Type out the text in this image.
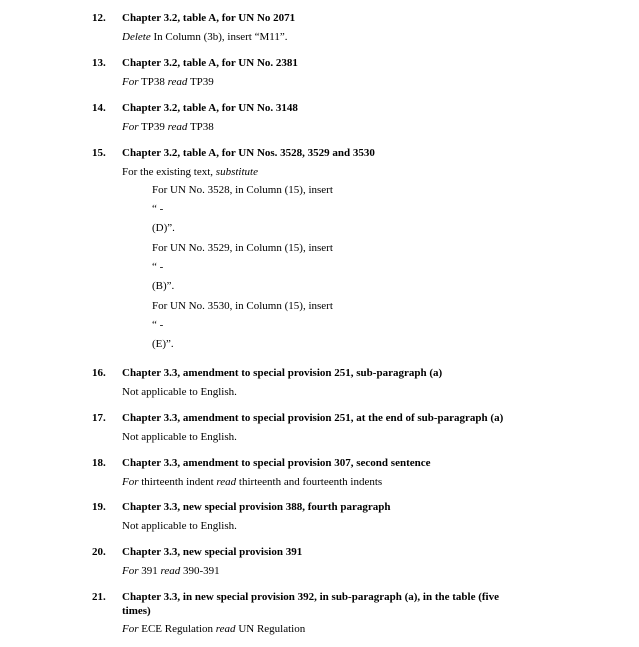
12. Chapter 3.2, table A, for UN No 2071
Delete In Column (3b), insert “M11”.
13. Chapter 3.2, table A, for UN No. 2381
For TP38 read TP39
14. Chapter 3.2, table A, for UN No. 3148
For TP39 read TP38
15. Chapter 3.2, table A, for UN Nos. 3528, 3529 and 3530
For the existing text, substitute
For UN No. 3528, in Column (15), insert
“ -
(D)”.
For UN No. 3529, in Column (15), insert
“ -
(B)”.
For UN No. 3530, in Column (15), insert
“ -
(E)”.
16. Chapter 3.3, amendment to special provision 251, sub-paragraph (a)
Not applicable to English.
17. Chapter 3.3, amendment to special provision 251, at the end of sub-paragraph (a)
Not applicable to English.
18. Chapter 3.3, amendment to special provision 307, second sentence
For thirteenth indent read thirteenth and fourteenth indents
19. Chapter 3.3, new special provision 388, fourth paragraph
Not applicable to English.
20. Chapter 3.3, new special provision 391
For 391 read 390-391
21. Chapter 3.3, in new special provision 392, in sub-paragraph (a), in the table (five times)
For ECE Regulation read UN Regulation
